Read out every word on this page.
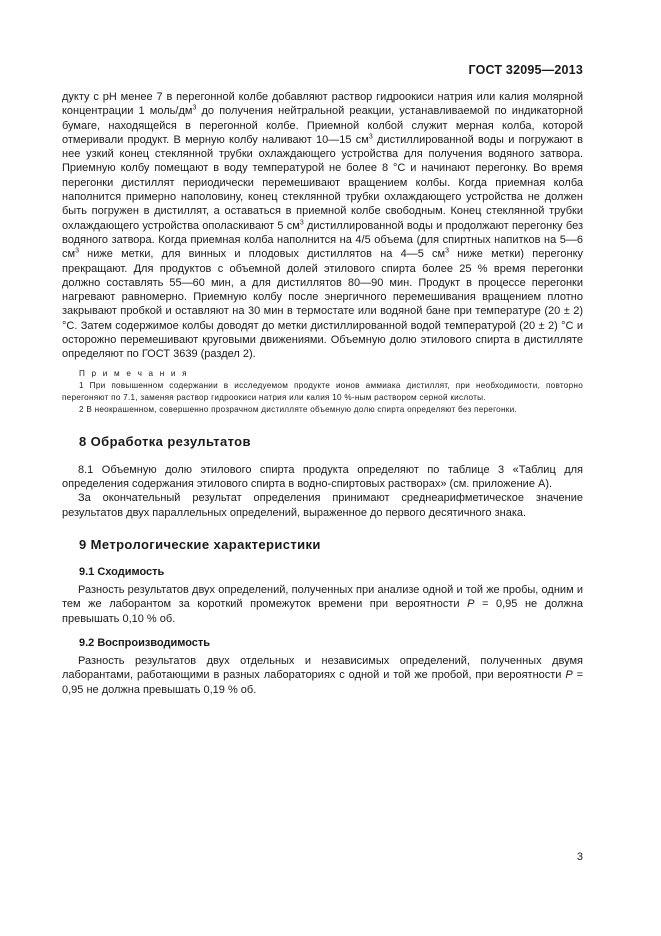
ГОСТ 32095—2013

дукту с pH менее 7 в перегонной колбе добавляют раствор гидроокиси натрия или калия молярной концентрации 1 моль/$дм^3$ до получения нейтральной реакции, устанавливаемой по индикаторной бумаге, находящейся в перегонной колбе. Приемной колбой служит мерная колба, которой отмеривали продукт. В мерную колбу наливают 10—15 $см^3$ дистиллированной воды и погружают в нее узкий конец стеклянной трубки охлаждающего устройства для получения водяного затвора. Приемную колбу помещают в воду температурой не более 8 °С и начинают перегонку. Во время перегонки дистиллят периодически перемешивают вращением колбы. Когда приемная колба наполнится примерно наполовину, конец стеклянной трубки охлаждающего устройства не должен быть погружен в дистиллят, а оставаться в приемной колбе свободным. Конец стеклянной трубки охлаждающего устройства ополаскивают 5 $см^3$ дистиллированной воды и продолжают перегонку без водяного затвора. Когда приемная колба наполнится на 4/5 объема (для спиртных напитков на 5—6 $см^3$ ниже метки, для винных и плодовых дистиллятов на 4—5 $см^3$ ниже метки) перегонку прекращают. Для продуктов с объемной долей этилового спирта более 25 % время перегонки должно составлять 55—60 мин, а для дистиллятов 80—90 мин. Продукт в процессе перегонки нагревают равномерно. Приемную колбу после энергичного перемешивания вращением плотно закрывают пробкой и оставляют на 30 мин в термостате или водяной бане при температуре (20 ± 2) °С. Затем содержимое колбы доводят до метки дистиллированной водой температурой (20 ± 2) °С и осторожно перемешивают круговыми движениями. Объемную долю этилового спирта в дистилляте определяют по ГОСТ 3639 (раздел 2).

П р и м е ч а н и я
1 При повышенном содержании в исследуемом продукте ионов аммиака дистиллят, при необходимости, повторно перегоняют по 7.1, заменяя раствор гидроокиси натрия или калия 10 %-ным раствором серной кислоты.
2 В неокрашенном, совершенно прозрачном дистилляте объемную долю спирта определяют без перегонки.
8 Обработка результатов

8.1 Объемную долю этилового спирта продукта определяют по таблице 3 «Таблиц для определения содержания этилового спирта в водно-спиртовых растворах» (см. приложение А).

За окончательный результат определения принимают среднеарифметическое значение результатов двух параллельных определений, выраженное до первого десятичного знака.

9 Метрологические характеристики
9.1 Сходимость

Разность результатов двух определений, полученных при анализе одной и той же пробы, одним и тем же лаборантом за короткий промежуток времени при вероятности P = 0,95 не должна превышать 0,10 % об.

9.2 Воспроизводимость

Разность результатов двух отдельных и независимых определений, полученных двумя лаборантами, работающими в разных лабораториях с одной и той же пробой, при вероятности P = 0,95 не должна превышать 0,19 % об.

3
